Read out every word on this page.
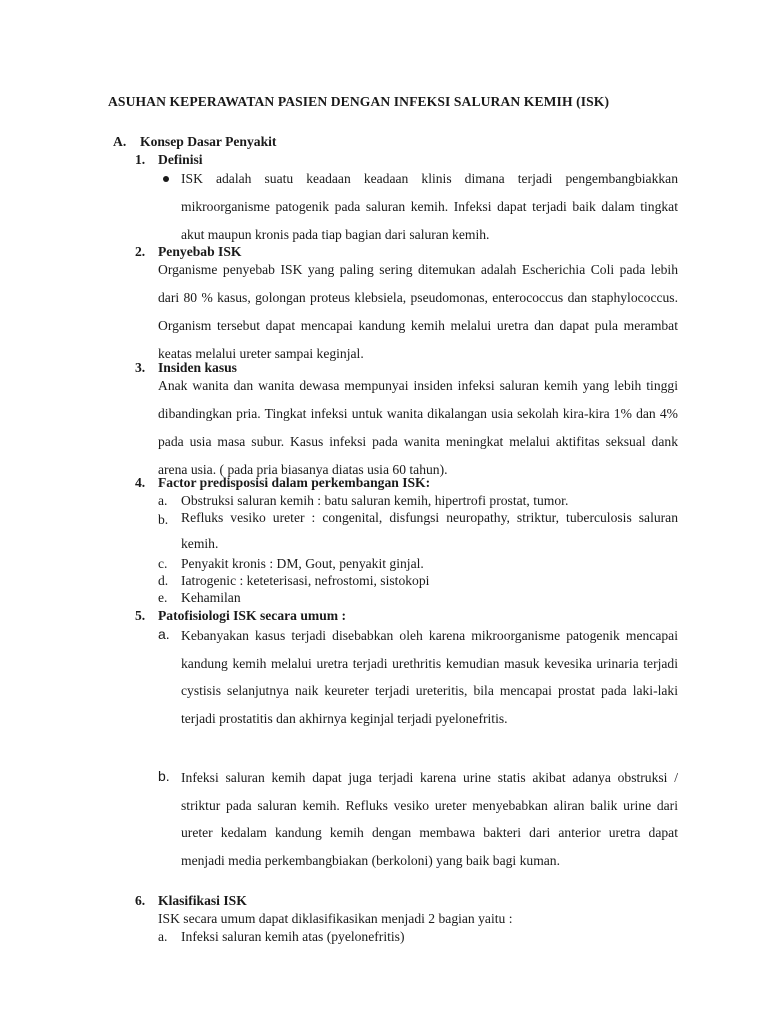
ASUHAN KEPERAWATAN PASIEN DENGAN INFEKSI SALURAN KEMIH (ISK)
A. Konsep Dasar Penyakit
1. Definisi
ISK adalah suatu keadaan keadaan klinis dimana terjadi pengembangbiakkan mikroorganisme patogenik pada saluran kemih. Infeksi dapat terjadi baik dalam tingkat akut maupun kronis pada tiap bagian dari saluran kemih.
2. Penyebab ISK
Organisme penyebab ISK yang paling sering ditemukan adalah Escherichia Coli pada lebih dari 80 % kasus, golongan proteus klebsiela, pseudomonas, enterococcus dan staphylococcus. Organism tersebut dapat mencapai kandung kemih melalui uretra dan dapat pula merambat keatas melalui ureter sampai keginjal.
3. Insiden kasus
Anak wanita dan wanita dewasa mempunyai insiden infeksi saluran kemih yang lebih tinggi dibandingkan pria. Tingkat infeksi untuk wanita dikalangan usia sekolah kira-kira 1% dan 4% pada usia masa subur. Kasus infeksi pada wanita meningkat melalui aktifitas seksual dank arena usia. ( pada pria biasanya diatas usia 60 tahun).
4. Factor predisposisi dalam perkembangan ISK:
a. Obstruksi saluran kemih : batu saluran kemih, hipertrofi prostat, tumor.
b. Refluks vesiko ureter : congenital, disfungsi neuropathy, striktur, tuberculosis saluran kemih.
c. Penyakit kronis : DM, Gout, penyakit ginjal.
d. Iatrogenic : keteterisasi, nefrostomi, sistokopi
e. Kehamilan
5. Patofisiologi ISK secara umum :
a. Kebanyakan kasus terjadi disebabkan oleh karena mikroorganisme patogenik mencapai kandung kemih melalui uretra terjadi urethritis kemudian masuk kevesika urinaria terjadi cystisis selanjutnya naik keureter terjadi ureteritis, bila mencapai prostat pada laki-laki terjadi prostatitis dan akhirnya keginjal terjadi pyelonefritis.
b. Infeksi saluran kemih dapat juga terjadi karena urine statis akibat adanya obstruksi / striktur pada saluran kemih. Refluks vesiko ureter menyebabkan aliran balik urine dari ureter kedalam kandung kemih dengan membawa bakteri dari anterior uretra dapat menjadi media perkembangbiakan (berkoloni) yang baik bagi kuman.
6. Klasifikasi ISK
ISK secara umum dapat diklasifikasikan menjadi 2 bagian yaitu :
a. Infeksi saluran kemih atas (pyelonefritis)
